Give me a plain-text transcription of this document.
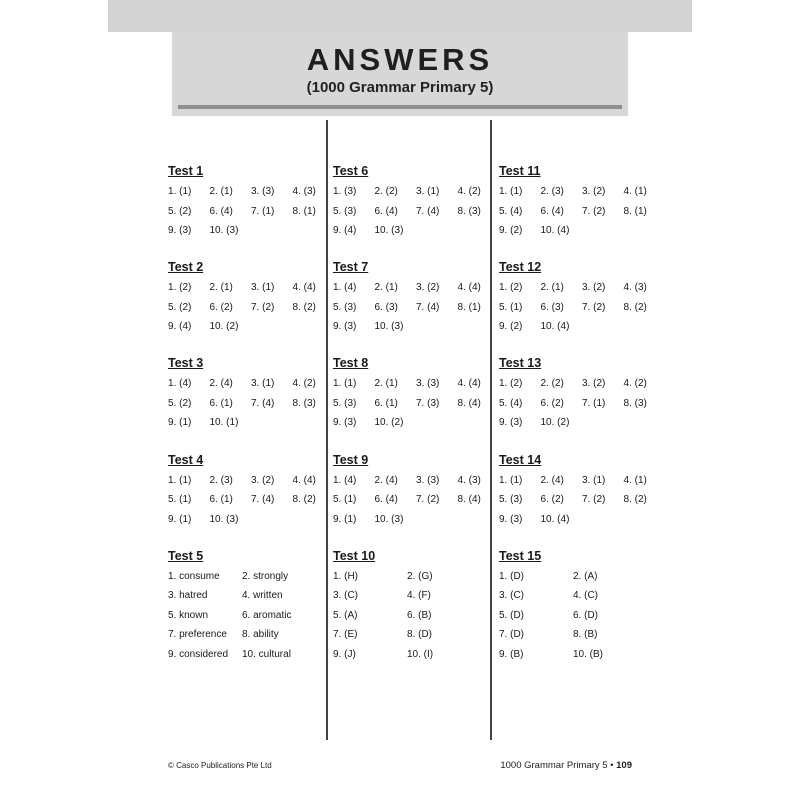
ANSWERS
(1000 Grammar Primary 5)
Test 1
1. (1)	2. (1)	3. (3)	4. (3)
5. (2)	6. (4)	7. (1)	8. (1)
9. (3)	10. (3)
Test 2
1. (2)	2. (1)	3. (1)	4. (4)
5. (2)	6. (2)	7. (2)	8. (2)
9. (4)	10. (2)
Test 3
1. (4)	2. (4)	3. (1)	4. (2)
5. (2)	6. (1)	7. (4)	8. (3)
9. (1)	10. (1)
Test 4
1. (1)	2. (3)	3. (2)	4. (4)
5. (1)	6. (1)	7. (4)	8. (2)
9. (1)	10. (3)
Test 5
1. consume	2. strongly
3. hatred	4. written
5. known	6. aromatic
7. preference	8. ability
9. considered	10. cultural
Test 6
1. (3)	2. (2)	3. (1)	4. (2)
5. (3)	6. (4)	7. (4)	8. (3)
9. (4)	10. (3)
Test 7
1. (4)	2. (1)	3. (2)	4. (4)
5. (3)	6. (3)	7. (4)	8. (1)
9. (3)	10. (3)
Test 8
1. (1)	2. (1)	3. (3)	4. (4)
5. (3)	6. (1)	7. (3)	8. (4)
9. (3)	10. (2)
Test 9
1. (4)	2. (4)	3. (3)	4. (3)
5. (1)	6. (4)	7. (2)	8. (4)
9. (1)	10. (3)
Test 10
1. (H)	2. (G)
3. (C)	4. (F)
5. (A)	6. (B)
7. (E)	8. (D)
9. (J)	10. (I)
Test 11
1. (1)	2. (3)	3. (2)	4. (1)
5. (4)	6. (4)	7. (2)	8. (1)
9. (2)	10. (4)
Test 12
1. (2)	2. (1)	3. (2)	4. (3)
5. (1)	6. (3)	7. (2)	8. (2)
9. (2)	10. (4)
Test 13
1. (2)	2. (2)	3. (2)	4. (2)
5. (4)	6. (2)	7. (1)	8. (3)
9. (3)	10. (2)
Test 14
1. (1)	2. (4)	3. (1)	4. (1)
5. (3)	6. (2)	7. (2)	8. (2)
9. (3)	10. (4)
Test 15
1. (D)	2. (A)
3. (C)	4. (C)
5. (D)	6. (D)
7. (D)	8. (B)
9. (B)	10. (B)
© Casco Publications Pte Ltd	1000 Grammar Primary 5 • 109
